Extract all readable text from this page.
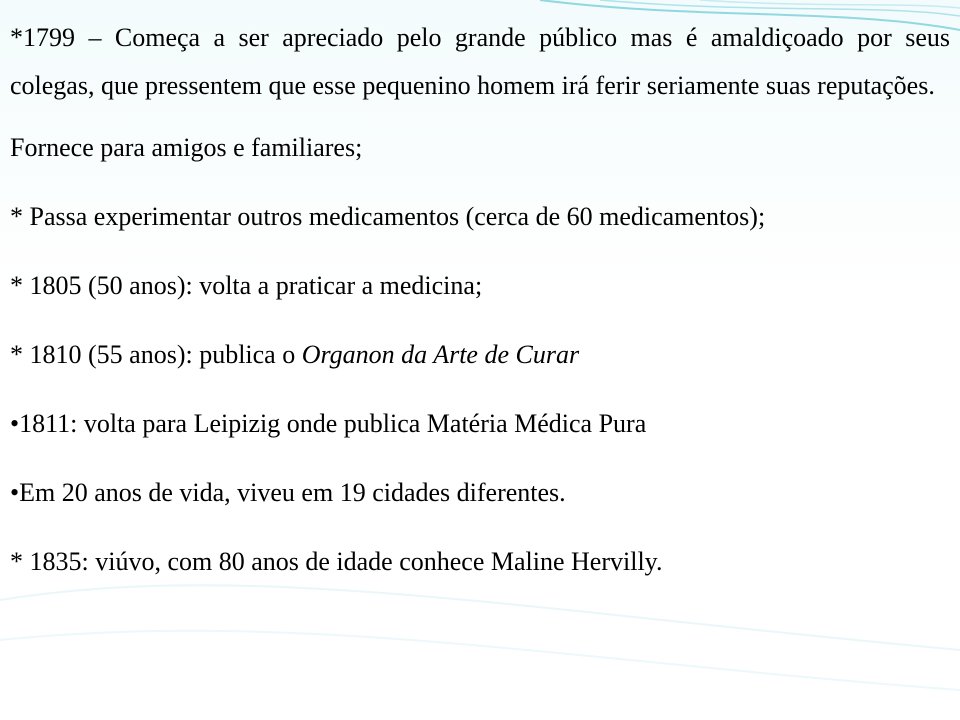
*1799 – Começa a ser apreciado pelo grande público mas é amaldiçoado por seus colegas, que pressentem que esse pequenino homem irá ferir seriamente suas reputações.

Fornece para amigos e familiares;

* Passa experimentar outros medicamentos (cerca de 60 medicamentos);

* 1805 (50 anos): volta a praticar a medicina;

* 1810 (55 anos): publica o Organon da Arte de Curar

•1811: volta para Leipizig onde publica Matéria Médica Pura

•Em 20 anos de vida, viveu em 19 cidades diferentes.

* 1835: viúvo, com 80 anos de idade conhece Maline Hervilly.
